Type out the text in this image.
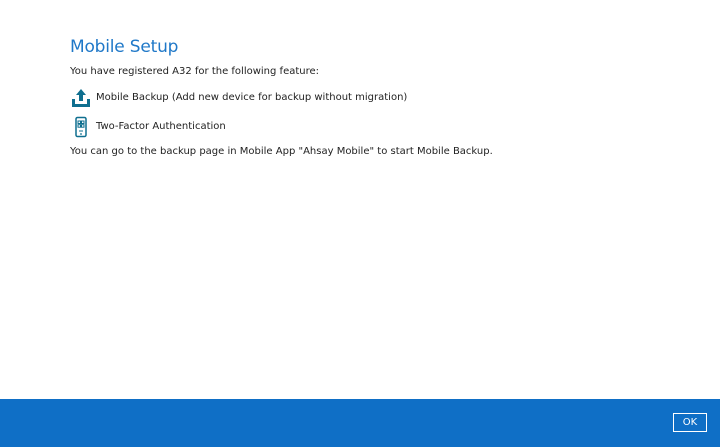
Mobile Setup
You have registered A32 for the following feature:
Mobile Backup (Add new device for backup without migration)
Two-Factor Authentication
You can go to the backup page in Mobile App "Ahsay Mobile" to start Mobile Backup.
OK
